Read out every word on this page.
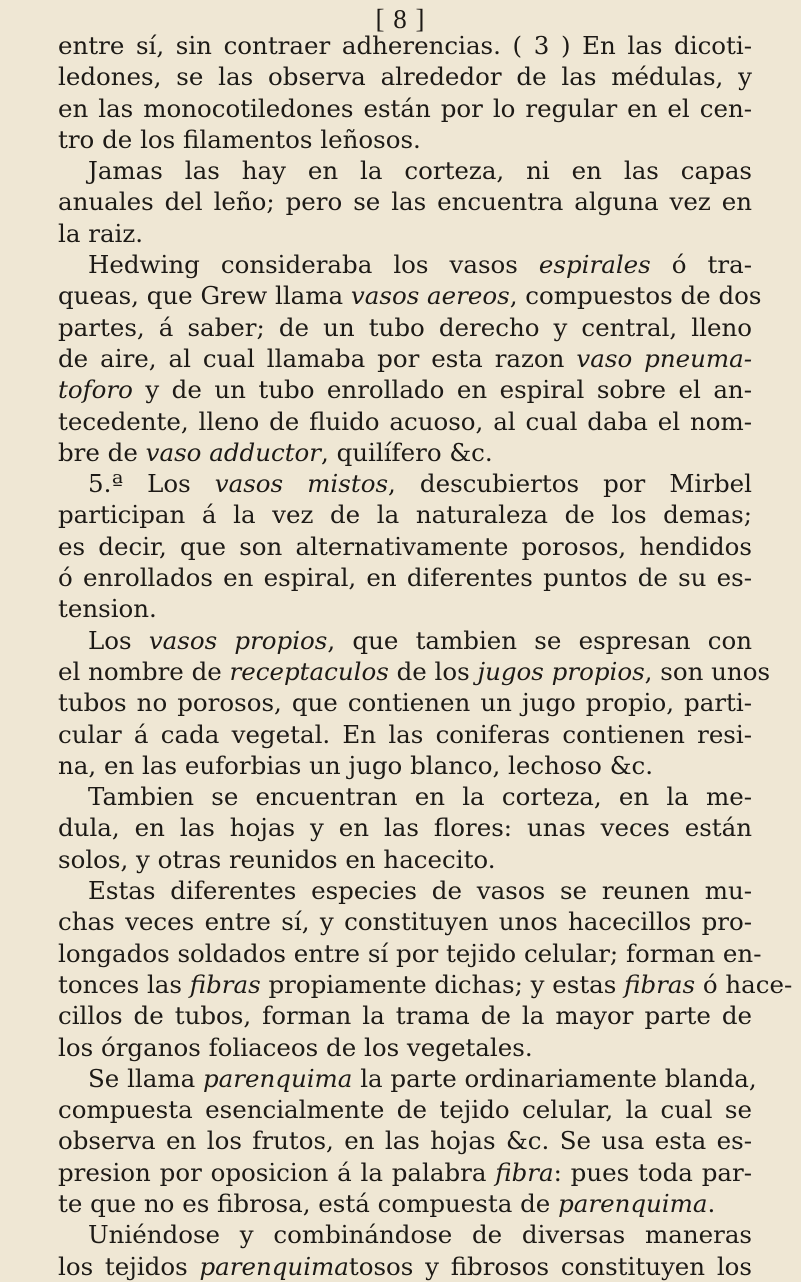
[ 8 ]
entre sí, sin contraer adherencias. ( 3 ) En las dicoti-
ledones, se las observa alrededor de las médulas, y
en las monocotiledones están por lo regular en el cen-
tro de los filamentos leñosos.
Jamas las hay en la corteza, ni en las capas
anuales del leño; pero se las encuentra alguna vez en
la raiz.
Hedwing consideraba los vasos espirales ó tra-
queas, que Grew llama vasos aereos, compuestos de dos
partes, á saber; de un tubo derecho y central, lleno
de aire, al cual llamaba por esta razon vaso pneuma-
toforo y de un tubo enrollado en espiral sobre el an-
tecedente, lleno de fluido acuoso, al cual daba el nom-
bre de vaso adductor, quilífero &c.
5.ª Los vasos mistos, descubiertos por Mirbel
participan á la vez de la naturaleza de los demas;
es decir, que son alternativamente porosos, hendidos
ó enrollados en espiral, en diferentes puntos de su es-
tension.
Los vasos propios, que tambien se espresan con
el nombre de receptaculos de los jugos propios, son unos
tubos no porosos, que contienen un jugo propio, parti-
cular á cada vegetal. En las coniferas contienen resi-
na, en las euforbias un jugo blanco, lechoso &c.
Tambien se encuentran en la corteza, en la me-
dula, en las hojas y en las flores: unas veces están
solos, y otras reunidos en hacecito.
Estas diferentes especies de vasos se reunen mu-
chas veces entre sí, y constituyen unos hacecillos pro-
longados soldados entre sí por tejido celular; forman en-
tonces las fibras propiamente dichas; y estas fibras ó hace-
cillos de tubos, forman la trama de la mayor parte de
los órganos foliaceos de los vegetales.
Se llama parenquima la parte ordinariamente blanda,
compuesta esencialmente de tejido celular, la cual se
observa en los frutos, en las hojas &c. Se usa esta es-
presion por oposicion á la palabra fibra: pues toda par-
te que no es fibrosa, está compuesta de parenquima.
Uniéndose y combinándose de diversas maneras
los tejidos parenquimatosos y fibrosos constituyen los
